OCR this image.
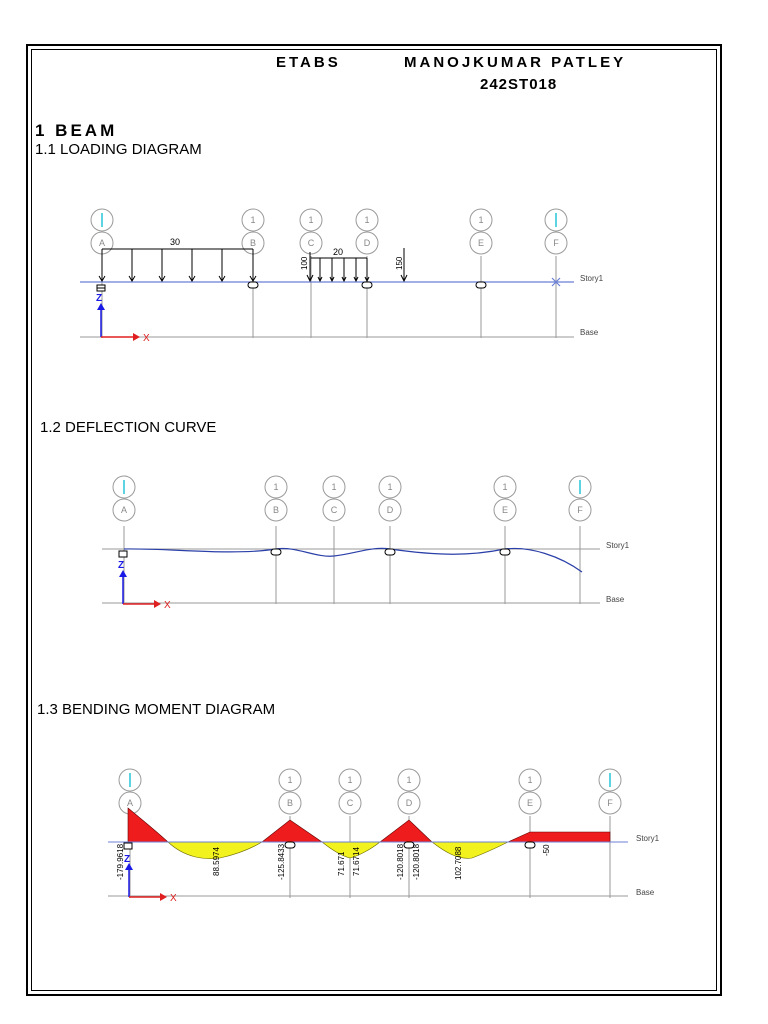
ETABS	MANOJKUMAR PATLEY
242ST018
1 BEAM
1.1 LOADING DIAGRAM
1.2 DEFLECTION CURVE
1.3 BENDING MOMENT DIAGRAM
1	1	1	1
A	B	C	D	E	F
Story1
Base
30
20
100	150
Z
X
1	1	1	1
A	B	C	D	E	F
Story1
Base
Z
X
1	1	1	1
A	B	C	D	E	F
-179.9618	88.5974	-125.8433	71.671 71.6714	-120.8018 -120.8018	102.7088	-50
Story1
Base
Z
X
